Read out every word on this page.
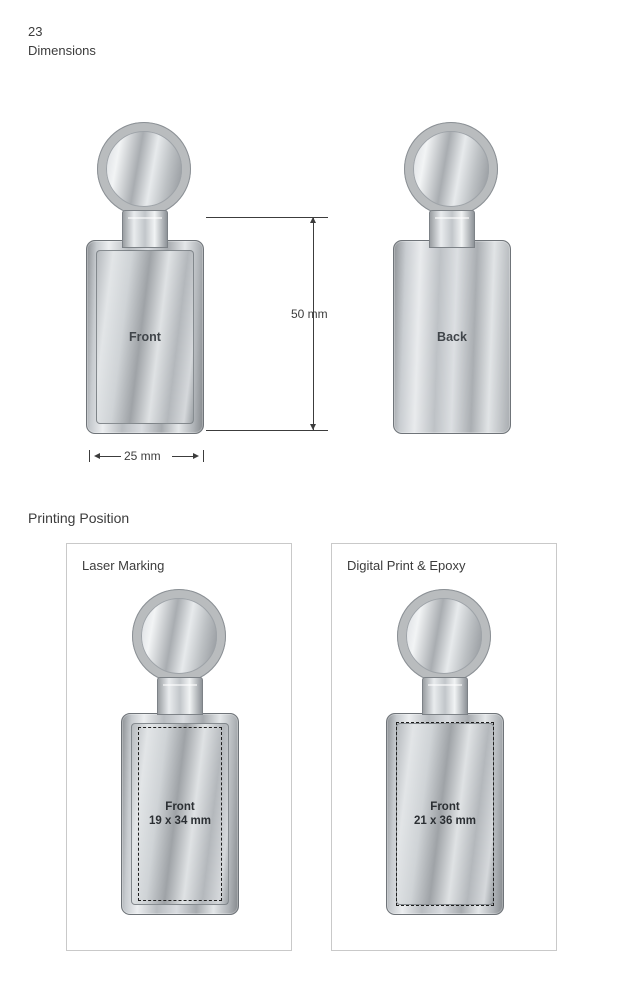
23
Dimensions
Front	Back
50 mm
25 mm
Printing Position
Laser Marking
Front
19 x 34 mm
Digital Print & Epoxy
Front
21 x 36 mm
